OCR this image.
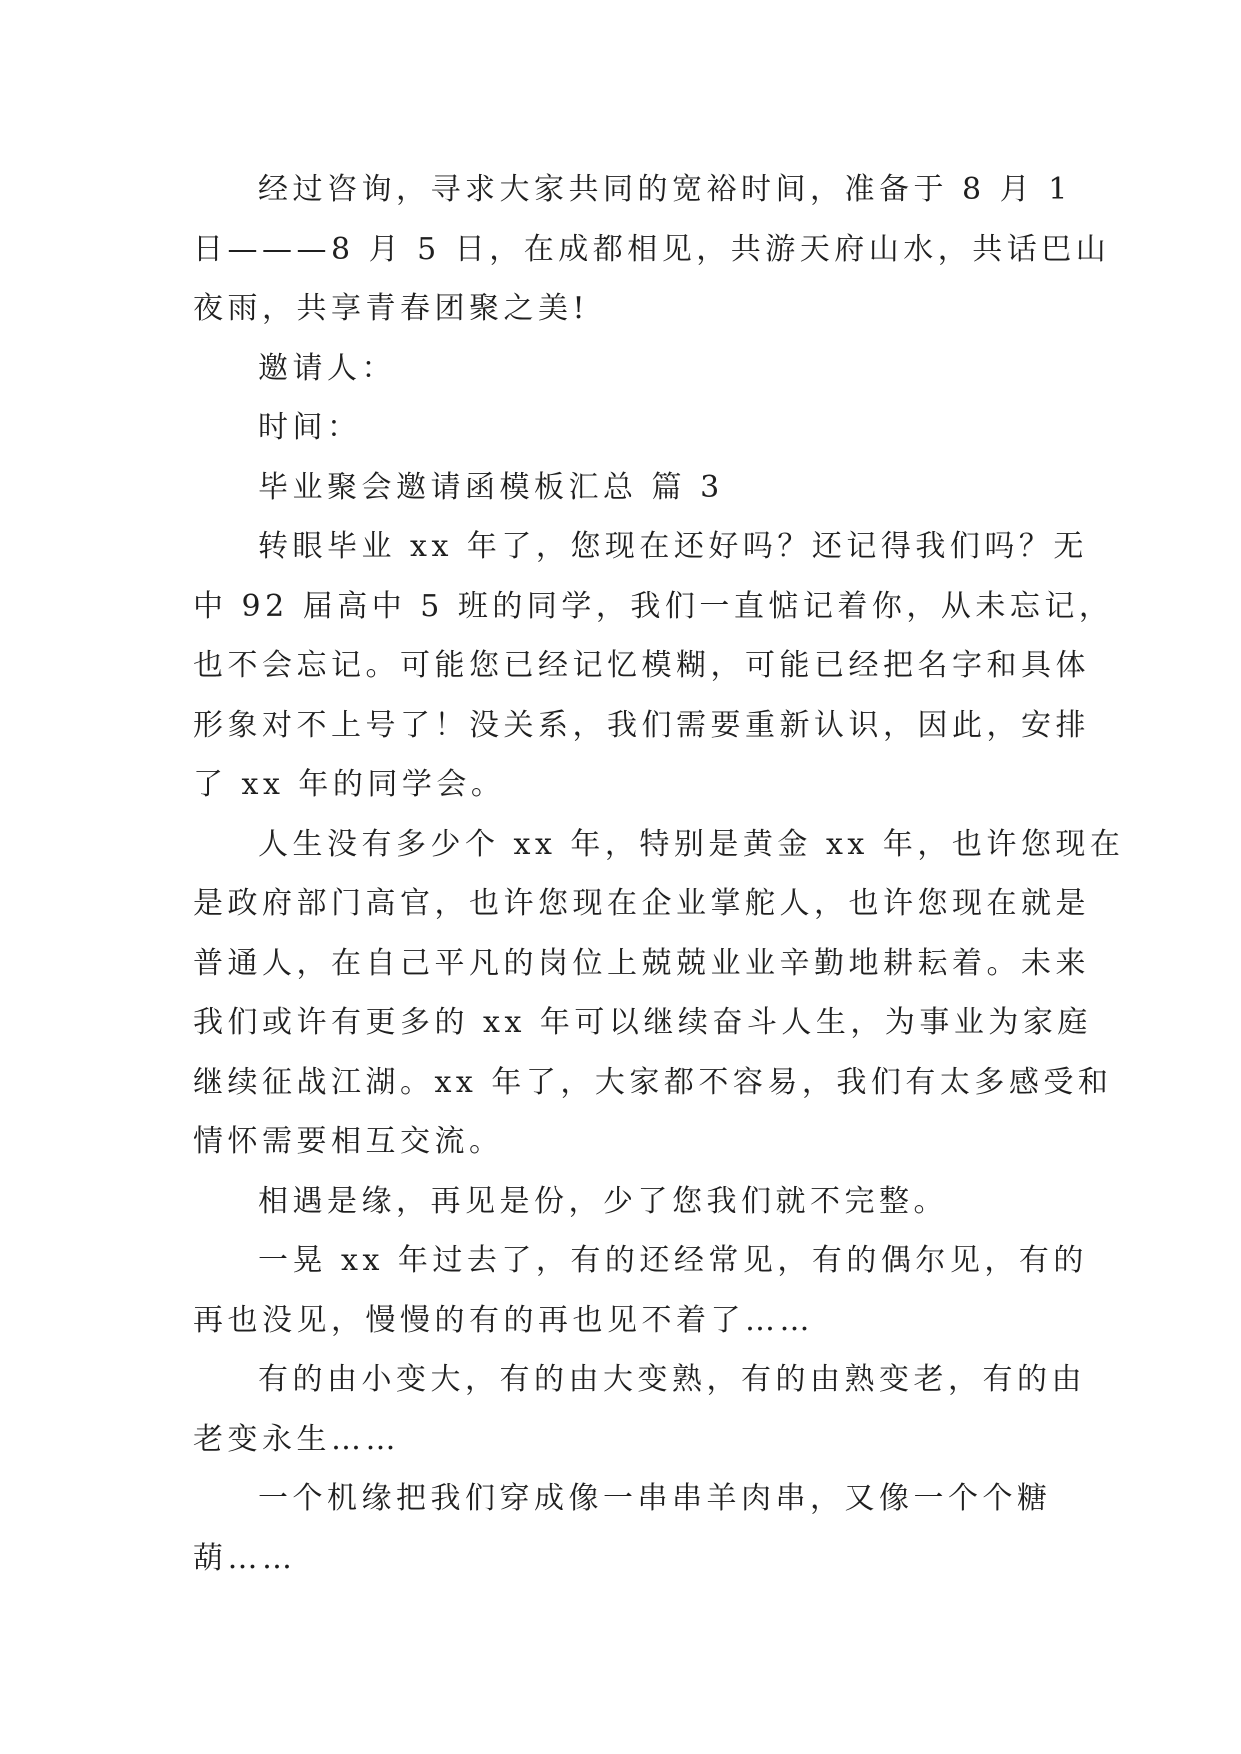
经过咨询，寻求大家共同的宽裕时间，准备于 8 月 1
日———8 月 5 日，在成都相见，共游天府山水，共话巴山
夜雨，共享青春团聚之美!
邀请人：
时间：
毕业聚会邀请函模板汇总 篇 3
转眼毕业 xx 年了，您现在还好吗？还记得我们吗？无
中 92 届高中 5 班的同学，我们一直惦记着你，从未忘记，
也不会忘记。可能您已经记忆模糊，可能已经把名字和具体
形象对不上号了！没关系，我们需要重新认识，因此，安排
了 xx 年的同学会。
人生没有多少个 xx 年，特别是黄金 xx 年，也许您现在
是政府部门高官，也许您现在企业掌舵人，也许您现在就是
普通人，在自己平凡的岗位上兢兢业业辛勤地耕耘着。未来
我们或许有更多的 xx 年可以继续奋斗人生，为事业为家庭
继续征战江湖。xx 年了，大家都不容易，我们有太多感受和
情怀需要相互交流。
相遇是缘，再见是份，少了您我们就不完整。
一晃 xx 年过去了，有的还经常见，有的偶尔见，有的
再也没见，慢慢的有的再也见不着了……
有的由小变大，有的由大变熟，有的由熟变老，有的由
老变永生……
一个机缘把我们穿成像一串串羊肉串，又像一个个糖
葫……
